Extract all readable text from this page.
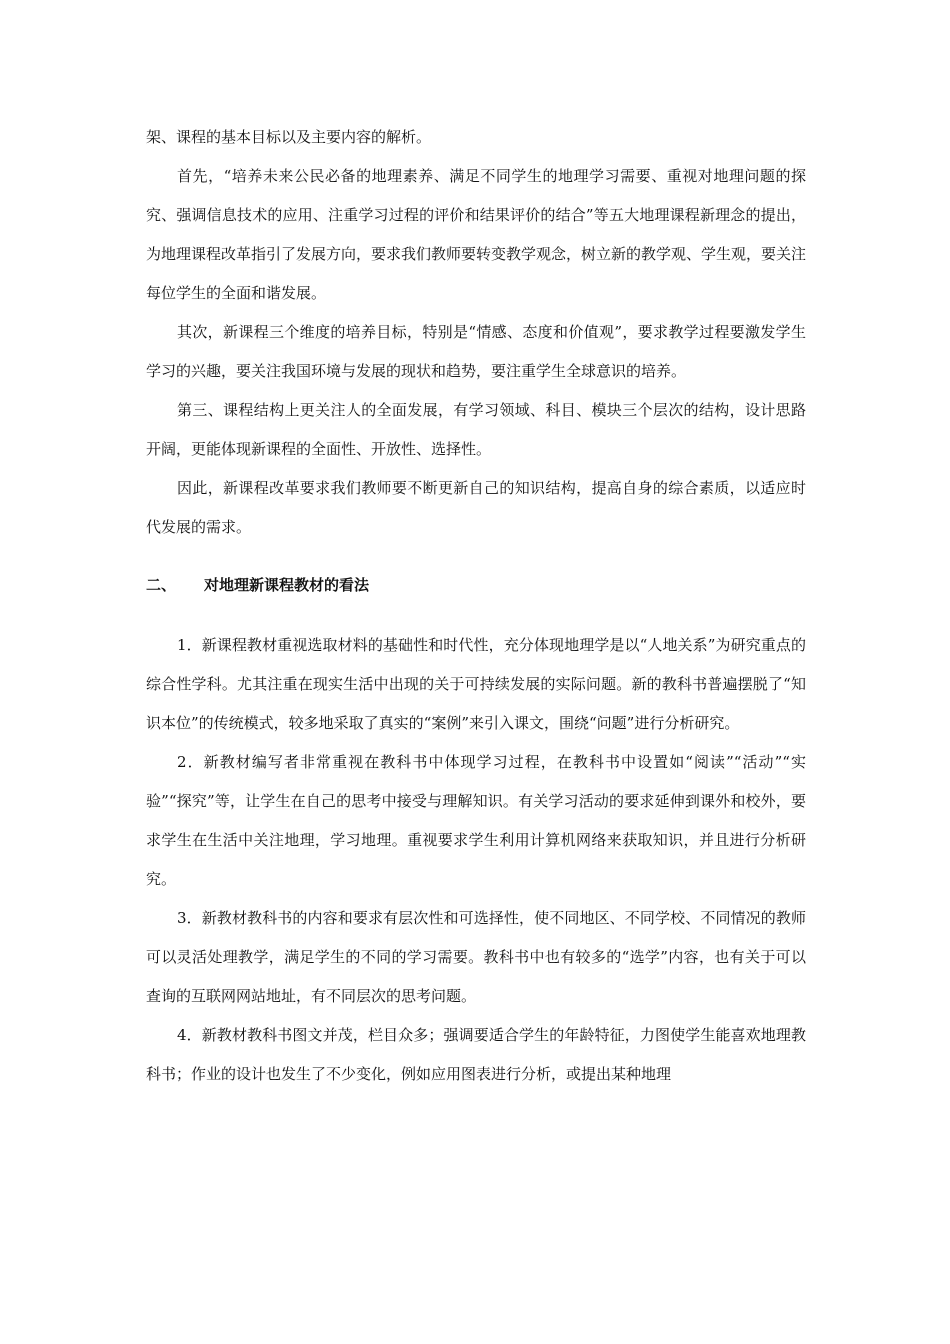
架、课程的基本目标以及主要内容的解析。

首先，“培养未来公民必备的地理素养、满足不同学生的地理学习需要、重视对地理问题的探究、强调信息技术的应用、注重学习过程的评价和结果评价的结合”等五大地理课程新理念的提出，为地理课程改革指引了发展方向，要求我们教师要转变教学观念，树立新的教学观、学生观，要关注每位学生的全面和谐发展。

其次，新课程三个维度的培养目标，特别是“情感、态度和价值观”，要求教学过程要激发学生学习的兴趣，要关注我国环境与发展的现状和趋势，要注重学生全球意识的培养。

第三、课程结构上更关注人的全面发展，有学习领域、科目、模块三个层次的结构，设计思路开阔，更能体现新课程的全面性、开放性、选择性。

因此，新课程改革要求我们教师要不断更新自己的知识结构，提高自身的综合素质，以适应时代发展的需求。

二、 对地理新课程教材的看法

1．新课程教材重视选取材料的基础性和时代性，充分体现地理学是以“人地关系”为研究重点的综合性学科。尤其注重在现实生活中出现的关于可持续发展的实际问题。新的教科书普遍摆脱了“知识本位”的传统模式，较多地采取了真实的“案例”来引入课文，围绕“问题”进行分析研究。

2．新教材编写者非常重视在教科书中体现学习过程，在教科书中设置如“阅读”“活动”“实验”“探究”等，让学生在自己的思考中接受与理解知识。有关学习活动的要求延伸到课外和校外，要求学生在生活中关注地理，学习地理。重视要求学生利用计算机网络来获取知识，并且进行分析研究。

3．新教材教科书的内容和要求有层次性和可选择性，使不同地区、不同学校、不同情况的教师可以灵活处理教学，满足学生的不同的学习需要。教科书中也有较多的“选学”内容，也有关于可以查询的互联网网站地址，有不同层次的思考问题。

4．新教材教科书图文并茂，栏目众多；强调要适合学生的年龄特征，力图使学生能喜欢地理教科书；作业的设计也发生了不少变化，例如应用图表进行分析，或提出某种地理
